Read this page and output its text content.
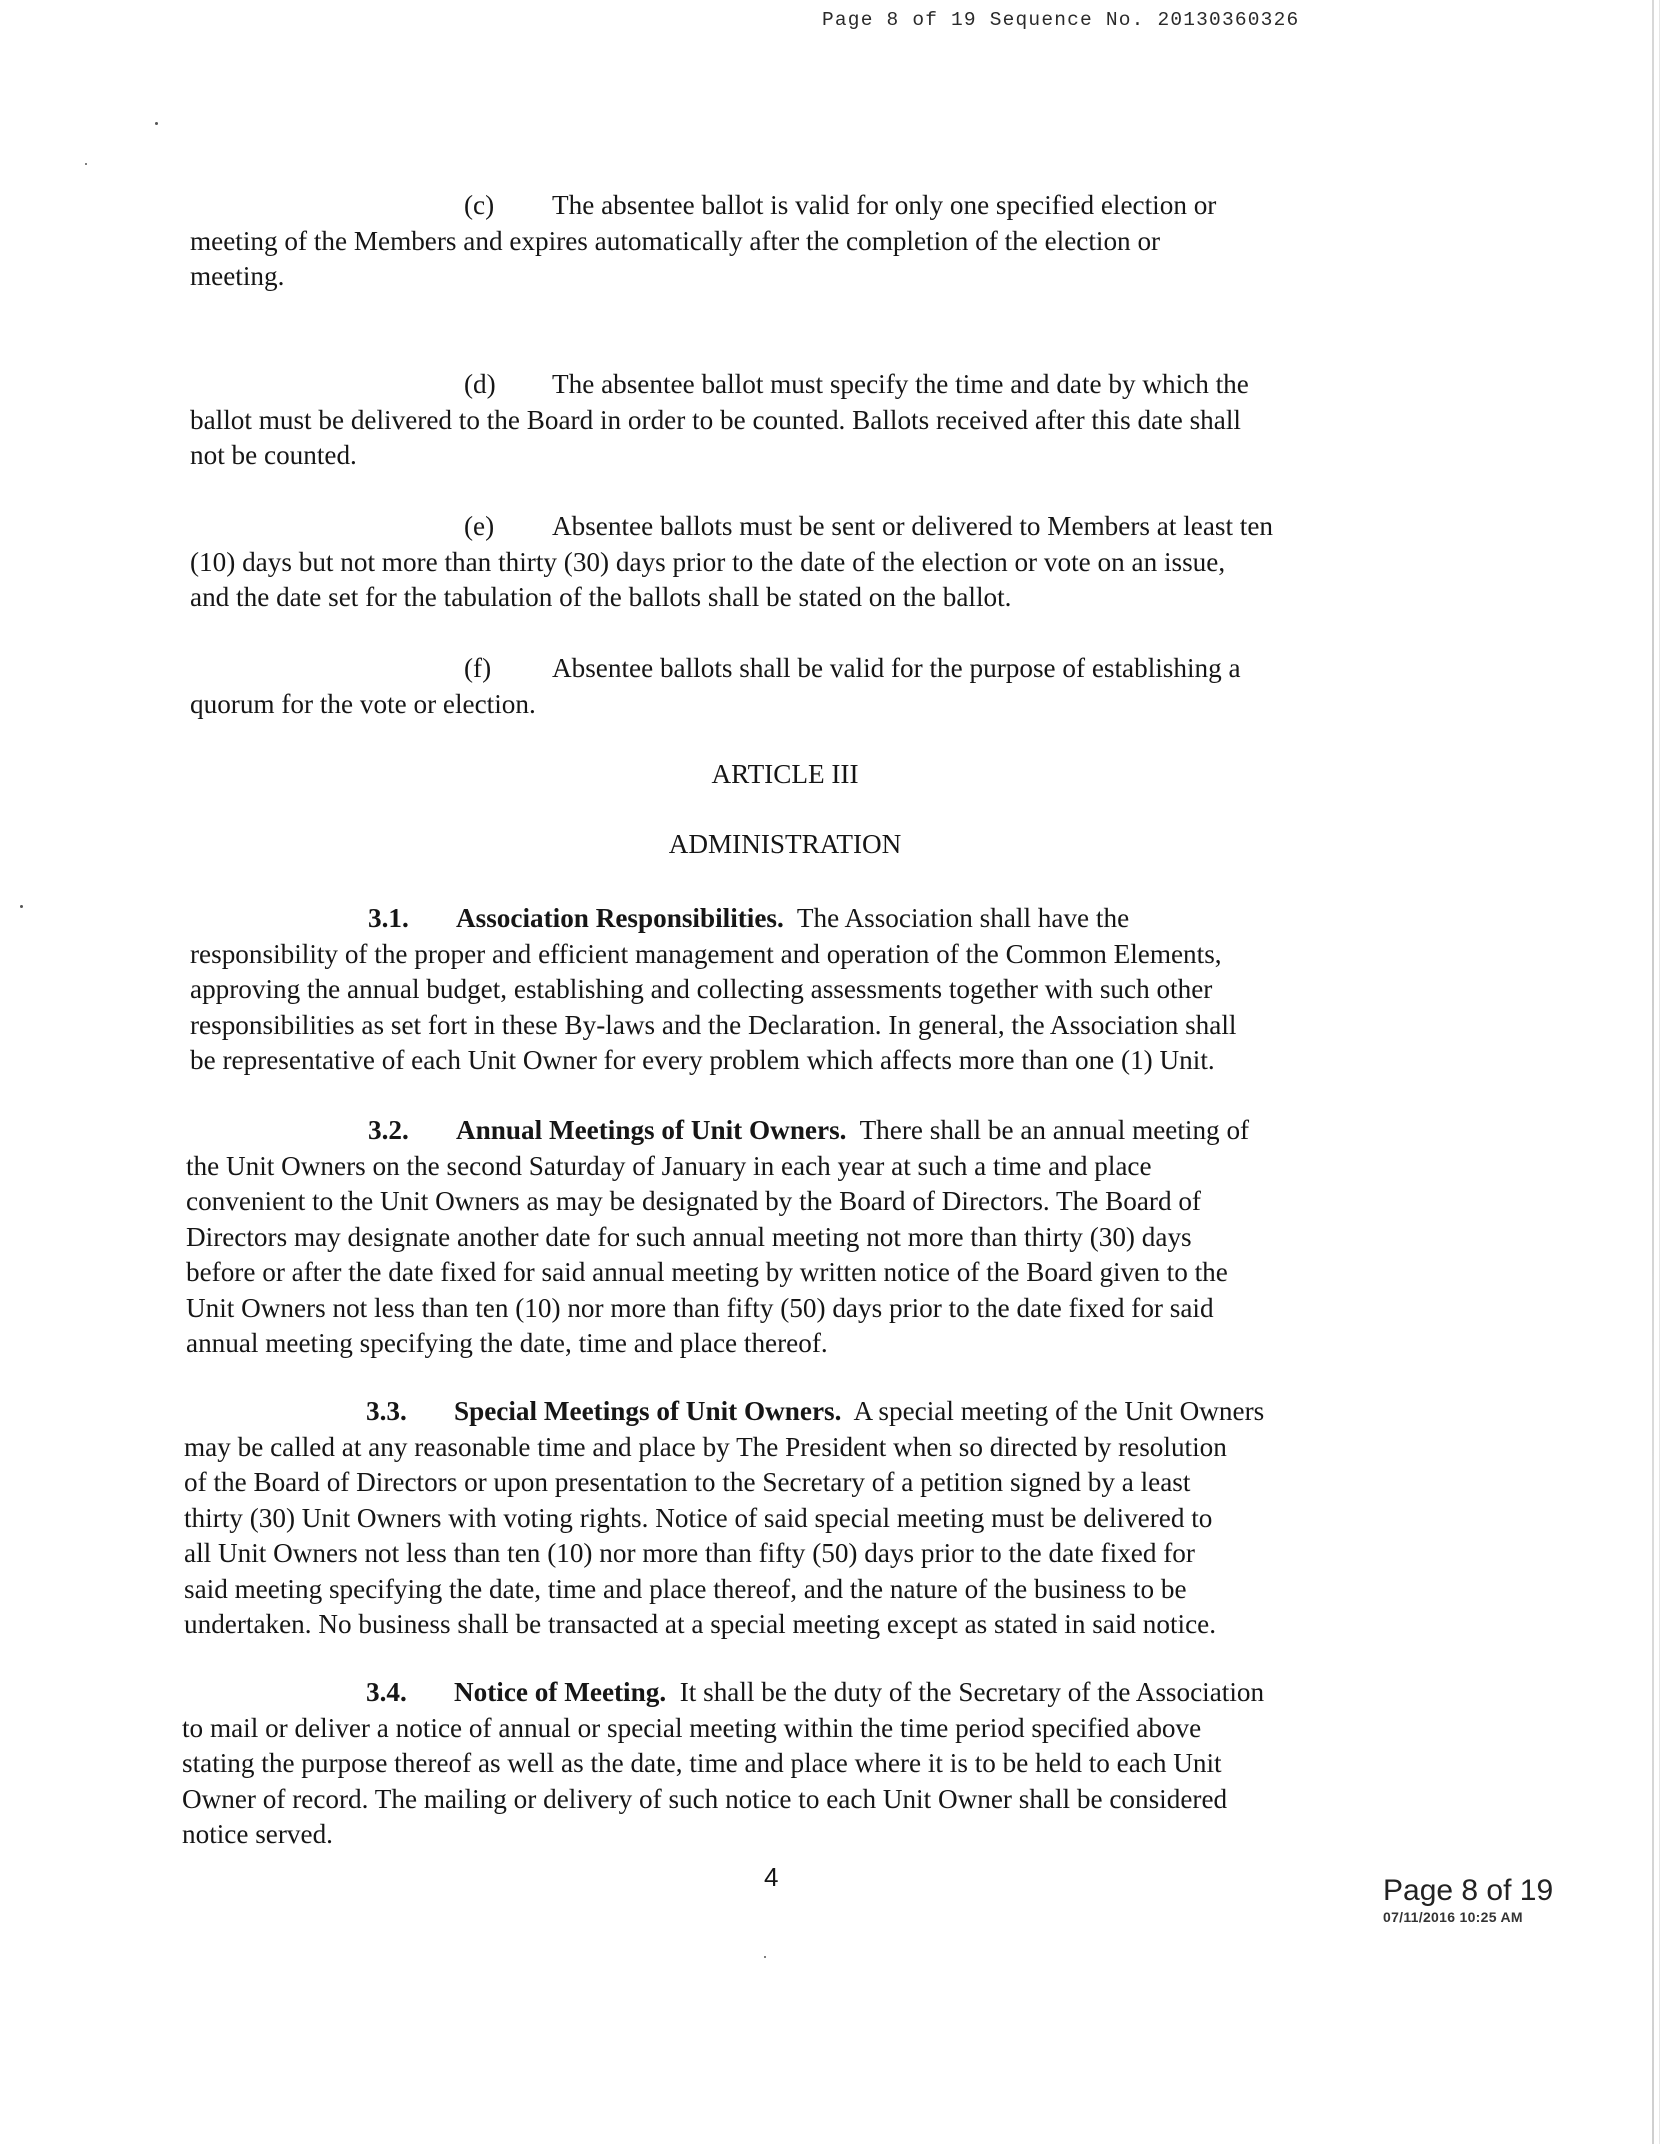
Page 8 of 19 Sequence No. 20130360326
(c) The absentee ballot is valid for only one specified election or
meeting of the Members and expires automatically after the completion of the election or
meeting.
(d) The absentee ballot must specify the time and date by which the
ballot must be delivered to the Board in order to be counted. Ballots received after this date shall
not be counted.
(e) Absentee ballots must be sent or delivered to Members at least ten
(10) days but not more than thirty (30) days prior to the date of the election or vote on an issue,
and the date set for the tabulation of the ballots shall be stated on the ballot.
(f) Absentee ballots shall be valid for the purpose of establishing a
quorum for the vote or election.
ARTICLE III
ADMINISTRATION
3.1. Association Responsibilities. The Association shall have the
responsibility of the proper and efficient management and operation of the Common Elements,
approving the annual budget, establishing and collecting assessments together with such other
responsibilities as set fort in these By-laws and the Declaration. In general, the Association shall
be representative of each Unit Owner for every problem which affects more than one (1) Unit.
3.2. Annual Meetings of Unit Owners. There shall be an annual meeting of
the Unit Owners on the second Saturday of January in each year at such a time and place
convenient to the Unit Owners as may be designated by the Board of Directors. The Board of
Directors may designate another date for such annual meeting not more than thirty (30) days
before or after the date fixed for said annual meeting by written notice of the Board given to the
Unit Owners not less than ten (10) nor more than fifty (50) days prior to the date fixed for said
annual meeting specifying the date, time and place thereof.
3.3. Special Meetings of Unit Owners. A special meeting of the Unit Owners
may be called at any reasonable time and place by The President when so directed by resolution
of the Board of Directors or upon presentation to the Secretary of a petition signed by a least
thirty (30) Unit Owners with voting rights. Notice of said special meeting must be delivered to
all Unit Owners not less than ten (10) nor more than fifty (50) days prior to the date fixed for
said meeting specifying the date, time and place thereof, and the nature of the business to be
undertaken. No business shall be transacted at a special meeting except as stated in said notice.
3.4. Notice of Meeting. It shall be the duty of the Secretary of the Association
to mail or deliver a notice of annual or special meeting within the time period specified above
stating the purpose thereof as well as the date, time and place where it is to be held to each Unit
Owner of record. The mailing or delivery of such notice to each Unit Owner shall be considered
notice served.
4	Page 8 of 19
07/11/2016 10:25 AM
